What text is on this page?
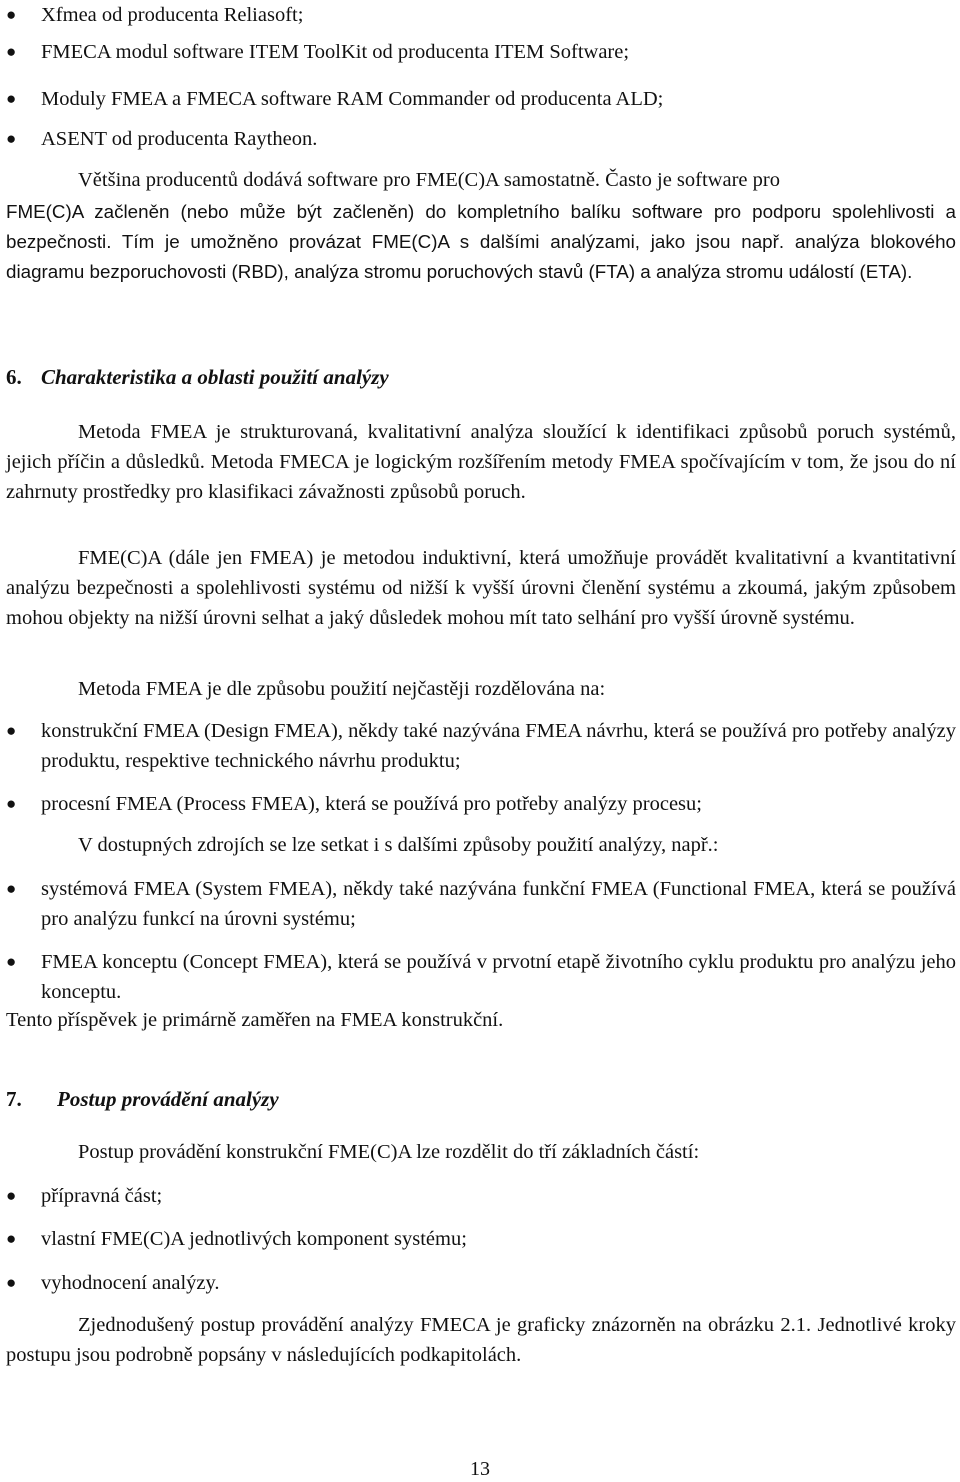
● Xfmea od producenta Reliasoft;

● FMECA modul software ITEM ToolKit od producenta ITEM Software;

● Moduly FMEA a FMECA software RAM Commander od producenta ALD;

● ASENT od producenta Raytheon.

Většina producentů dodává software pro FME(C)A samostatně. Často je software pro

FME(C)A začleněn (nebo může být začleněn) do kompletního balíku software pro podporu spolehlivosti a bezpečnosti. Tím je umožněno provázat FME(C)A s dalšími analýzami, jako jsou např. analýza blokového diagramu bezporuchovosti (RBD), analýza stromu poruchových stavů (FTA) a analýza stromu událostí (ETA).

6. Charakteristika a oblasti použití analýzy

Metoda FMEA je strukturovaná, kvalitativní analýza sloužící k identifikaci způsobů poruch systémů, jejich příčin a důsledků. Metoda FMECA je logickým rozšířením metody FMEA spočívajícím v tom, že jsou do ní zahrnuty prostředky pro klasifikaci závažnosti způsobů poruch.

FME(C)A (dále jen FMEA) je metodou induktivní, která umožňuje provádět kvalitativní a kvantitativní analýzu bezpečnosti a spolehlivosti systému od nižší k vyšší úrovni členění systému a zkoumá, jakým způsobem mohou objekty na nižší úrovni selhat a jaký důsledek mohou mít tato selhání pro vyšší úrovně systému.

Metoda FMEA je dle způsobu použití nejčastěji rozdělována na:

● konstrukční FMEA (Design FMEA), někdy také nazývána FMEA návrhu, která se používá pro potřeby analýzy produktu, respektive technického návrhu produktu;

● procesní FMEA (Process FMEA), která se používá pro potřeby analýzy procesu;

V dostupných zdrojích se lze setkat i s dalšími způsoby použití analýzy, např.:

● systémová FMEA (System FMEA), někdy také nazývána funkční FMEA (Functional FMEA, která se používá pro analýzu funkcí na úrovni systému;

● FMEA konceptu (Concept FMEA), která se používá v prvotní etapě životního cyklu produktu pro analýzu jeho konceptu.

Tento příspěvek je primárně zaměřen na FMEA konstrukční.

7. Postup provádění analýzy

Postup provádění konstrukční FME(C)A lze rozdělit do tří základních částí:

● přípravná část;

● vlastní FME(C)A jednotlivých komponent systému;

● vyhodnocení analýzy.

Zjednodušený postup provádění analýzy FMECA je graficky znázorněn na obrázku 2.1. Jednotlivé kroky postupu jsou podrobně popsány v následujících podkapitolách.

13
